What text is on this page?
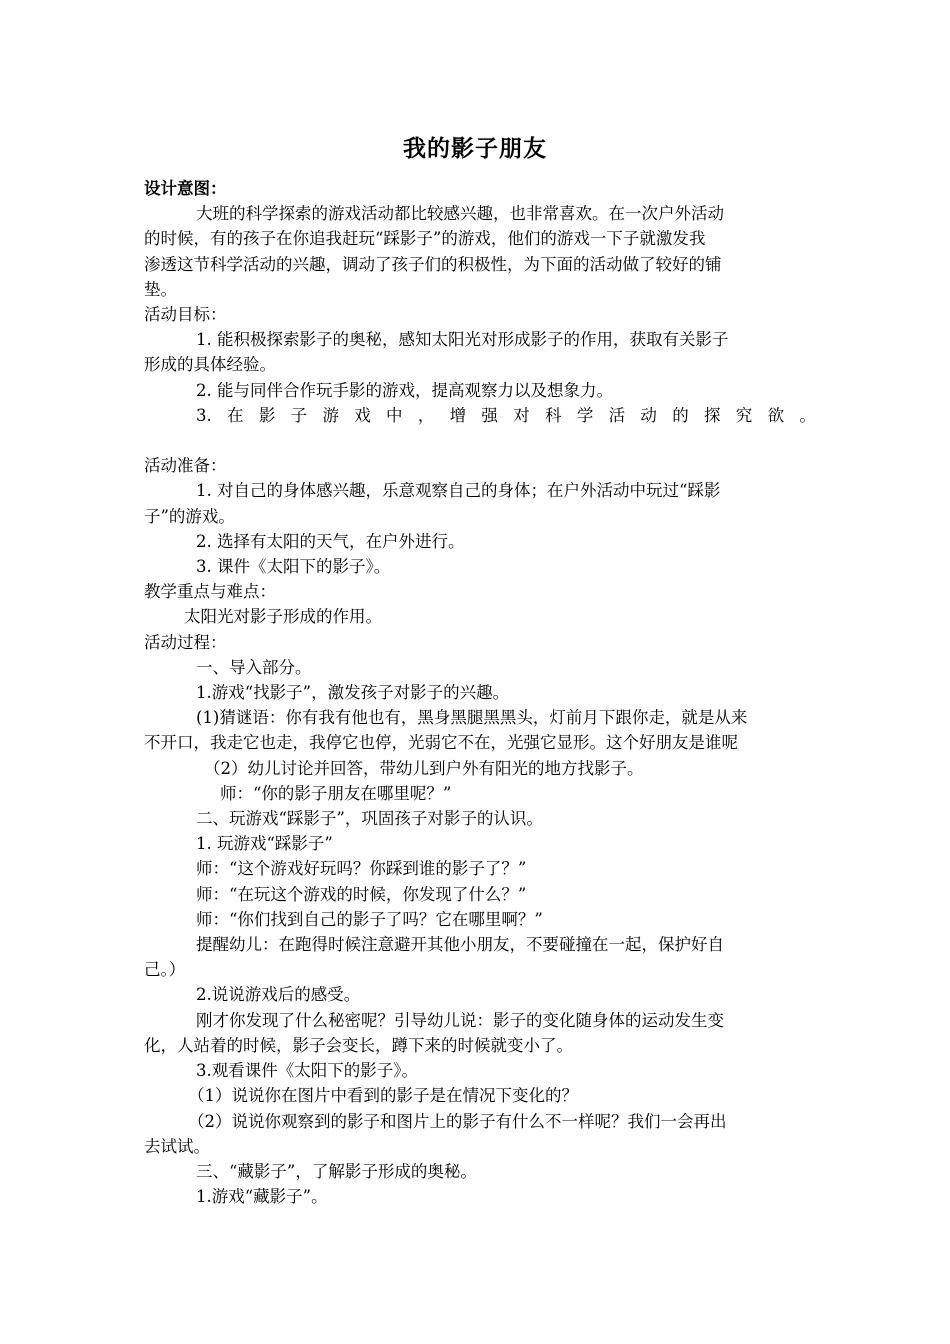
我的影子朋友

设计意图：

大班的科学探索的游戏活动都比较感兴趣，也非常喜欢。在一次户外活动

的时候，有的孩子在你追我赶玩“踩影子”的游戏，他们的游戏一下子就激发我

渗透这节科学活动的兴趣，调动了孩子们的积极性，为下面的活动做了较好的铺

垫。

活动目标：

1. 能积极探索影子的奥秘，感知太阳光对形成影子的作用，获取有关影子

形成的具体经验。

2. 能与同伴合作玩手影的游戏，提高观察力以及想象力。

3. 在 影 子 游 戏 中 ， 增 强 对 科 学 活 动 的 探 究 欲 。

活动准备：

1. 对自己的身体感兴趣，乐意观察自己的身体；在户外活动中玩过“踩影

子”的游戏。

2. 选择有太阳的天气，在户外进行。

3. 课件《太阳下的影子》。

教学重点与难点：

太阳光对影子形成的作用。

活动过程：

一、导入部分。

1.游戏“找影子”，激发孩子对影子的兴趣。

(1)猜谜语：你有我有他也有，黑身黑腿黑黑头，灯前月下跟你走，就是从来

不开口，我走它也走，我停它也停，光弱它不在，光强它显形。这个好朋友是谁呢

（2）幼儿讨论并回答，带幼儿到户外有阳光的地方找影子。

师：“你的影子朋友在哪里呢？”

二、玩游戏“踩影子”，巩固孩子对影子的认识。

1. 玩游戏“踩影子”

师：“这个游戏好玩吗？你踩到谁的影子了？”

师：“在玩这个游戏的时候，你发现了什么？”

师：“你们找到自己的影子了吗？它在哪里啊？”

提醒幼儿：在跑得时候注意避开其他小朋友，不要碰撞在一起，保护好自

己。）

2.说说游戏后的感受。

刚才你发现了什么秘密呢？引导幼儿说：影子的变化随身体的运动发生变

化，人站着的时候，影子会变长，蹲下来的时候就变小了。

3.观看课件《太阳下的影子》。

（1）说说你在图片中看到的影子是在情况下变化的？

（2）说说你观察到的影子和图片上的影子有什么不一样呢？我们一会再出

去试试。

三、“藏影子”，了解影子形成的奥秘。

1.游戏“藏影子”。
